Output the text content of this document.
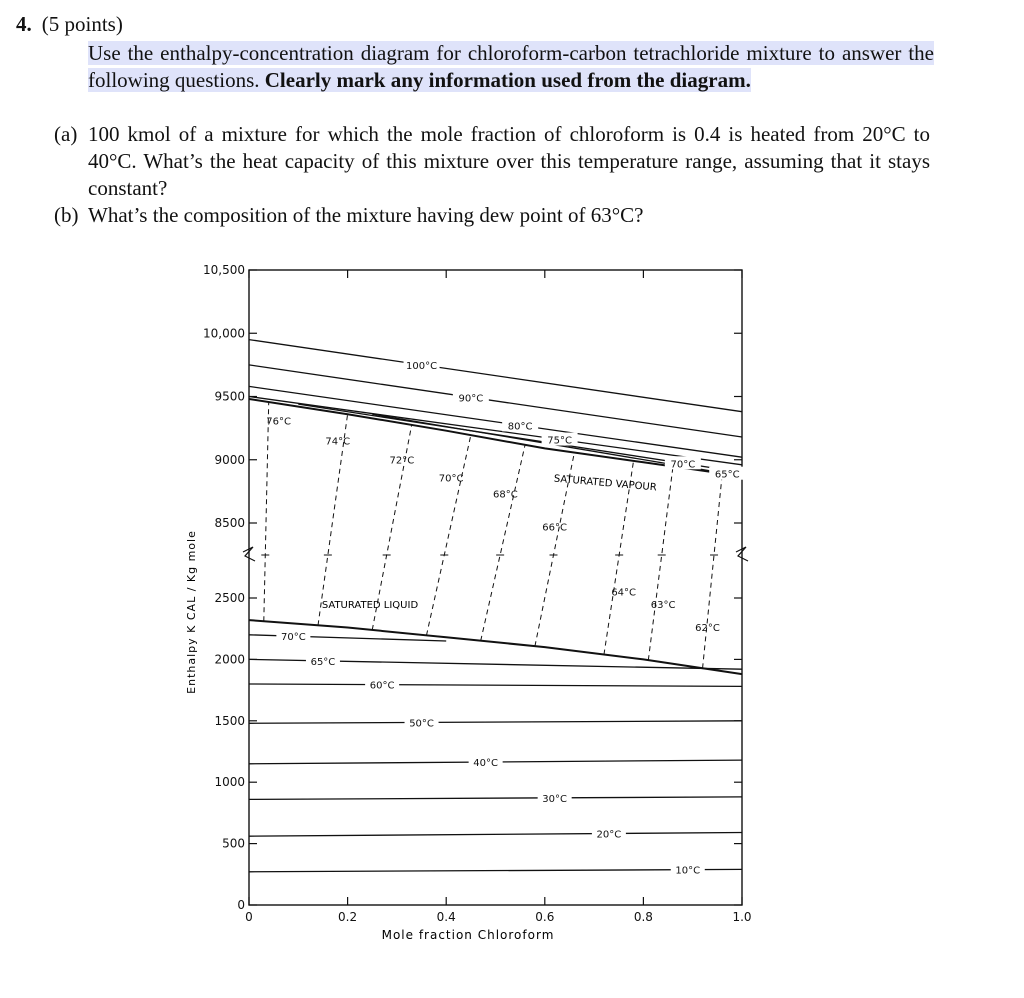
4. (5 points)
Use the enthalpy-concentration diagram for chloroform-carbon tetrachloride mixture to answer the following questions. Clearly mark any information used from the diagram.
(a) 100 kmol of a mixture for which the mole fraction of chloroform is 0.4 is heated from 20°C to 40°C. What’s the heat capacity of this mixture over this temperature range, assuming that it stays constant?
(b) What’s the composition of the mixture having dew point of 63°C?
0
500
1000
1500
2000
2500
8500
9000
9500
10,000
10,500
0	0.2	0.4	0.6	0.8	1.0
100°C
90°C
80°C
75°C
70°C
65°C
70°C
65°C
60°C
50°C
40°C
30°C
20°C
10°C
76°C
74°C
72°C
70°C
68°C
66°C
64°C
63°C
62°C
Mole fraction Chloroform
Enthalpy K CAL / Kg mole
SATURATED VAPOUR
SATURATED LIQUID
